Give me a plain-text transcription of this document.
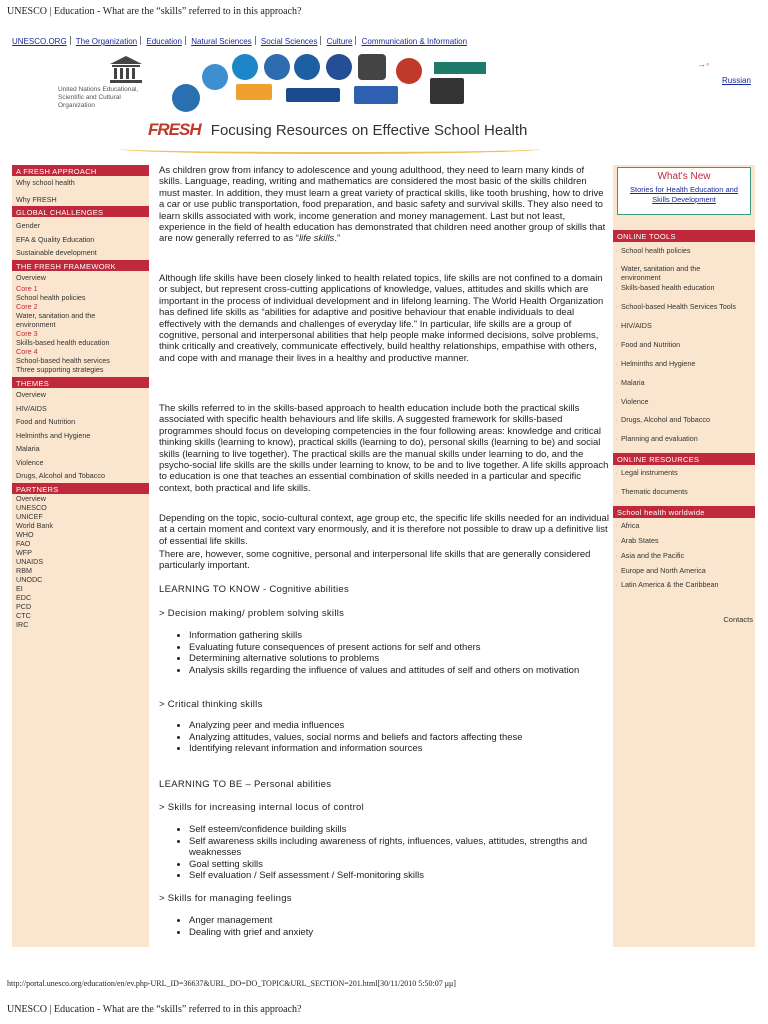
UNESCO | Education - What are the “skills” referred to in this approach?
UNESCO.ORG The Organization Education Natural Sciences Social Sciences Culture Communication & Information
United Nations Educational, Scientific and Cultural Organization
FRESH Focusing Resources on Effective School Health
→◦
Russian
A FRESH APPROACH
Why school health
Why FRESH
GLOBAL CHALLENGES
Gender
EFA & Quality Education
Sustainable development
THE FRESH FRAMEWORK
Overview
Core 1
School health policies
Core 2
Water, sanitation and the
environment
Core 3
Skills-based health education
Core 4
School-based health services
Three supporting strategies
THEMES
Overview
HIV/AIDS
Food and Nutrition
Helminths and Hygiene
Malaria
Violence
Drugs, Alcohol and Tobacco
PARTNERS
Overview
UNESCO
UNICEF
World Bank
WHO
FAO
WFP
UNAIDS
RBM
UNODC
EI
EDC
PCD
CTC
IRC

As children grow from infancy to adolescence and young adulthood, they need to learn many kinds of skills. Language, reading, writing and mathematics are considered the most basic of the skills children must master. In addition, they must learn a great variety of practical skills, like tooth brushing, how to drive a car or use public transportation, food preparation, and basic safety and survival skills. They also need to learn skills associated with work, income generation and money management. Last but not least, experience in the field of health education has demonstrated that children need another group of skills that are now generally referred to as “life skills.”

Although life skills have been closely linked to health related topics, life skills are not confined to a domain or subject, but represent cross-cutting applications of knowledge, values, attitudes and skills which are important in the process of individual development and in lifelong learning. The World Health Organization has defined life skills as “abilities for adaptive and positive behaviour that enable individuals to deal effectively with the demands and challenges of everyday life.” In particular, life skills are a group of cognitive, personal and interpersonal abilities that help people make informed decisions, solve problems, think critically and creatively, communicate effectively, build healthy relationships, empathise with others, and cope with and manage their lives in a healthy and productive manner.

The skills referred to in the skills-based approach to health education include both the practical skills associated with specific health behaviours and life skills. A suggested framework for skills-based programmes should focus on developing competencies in the four following areas: knowledge and critical thinking skills (learning to know), practical skills (learning to do), personal skills (learning to be) and social skills (learning to live together). The practical skills are the manual skills under learning to do, and the psycho-social life skills are the skills under learning to know, to be and to live together. A life skills approach to education is one that teaches an essential combination of skills needed in a particular and specific context, both practical and life skills.

Depending on the topic, socio-cultural context, age group etc, the specific life skills needed for an individual at a certain moment and context vary enormously, and it is therefore not possible to draw up a definitive list of essential life skills.

There are, however, some cognitive, personal and interpersonal life skills that are generally considered particularly important.

LEARNING TO KNOW - Cognitive abilities
> Decision making/ problem solving skills
• Information gathering skills
• Evaluating future consequences of present actions for self and others
• Determining alternative solutions to problems
• Analysis skills regarding the influence of values and attitudes of self and others on motivation
> Critical thinking skills
• Analyzing peer and media influences
• Analyzing attitudes, values, social norms and beliefs and factors affecting these
• Identifying relevant information and information sources
LEARNING TO BE – Personal abilities
> Skills for increasing internal locus of control
• Self esteem/confidence building skills
• Self awareness skills including awareness of rights, influences, values, attitudes, strengths and weaknesses
• Goal setting skills
• Self evaluation / Self assessment / Self-monitoring skills
> Skills for managing feelings
• Anger management
• Dealing with grief and anxiety
What's New
Stories for Health Education and Skills Development
ONLINE TOOLS
· School health policies
· Water, sanitation and the environment
· Skills-based health education
· School-based Health Services Tools
· HIV/AIDS
· Food and Nutrition
· Helminths and Hygiene
· Malaria
· Violence
· Drugs, Alcohol and Tobacco
· Planning and evaluation
ONLINE RESOURCES
· Legal instruments
· Thematic documents
School health worldwide
· Africa
· Arab States
· Asia and the Pacific
· Europe and North America
· Latin America & the Caribbean
Contacts
http://portal.unesco.org/education/en/ev.php-URL_ID=36637&URL_DO=DO_TOPIC&URL_SECTION=201.html[30/11/2010 5:50:07 μμ]
UNESCO | Education - What are the “skills” referred to in this approach?
